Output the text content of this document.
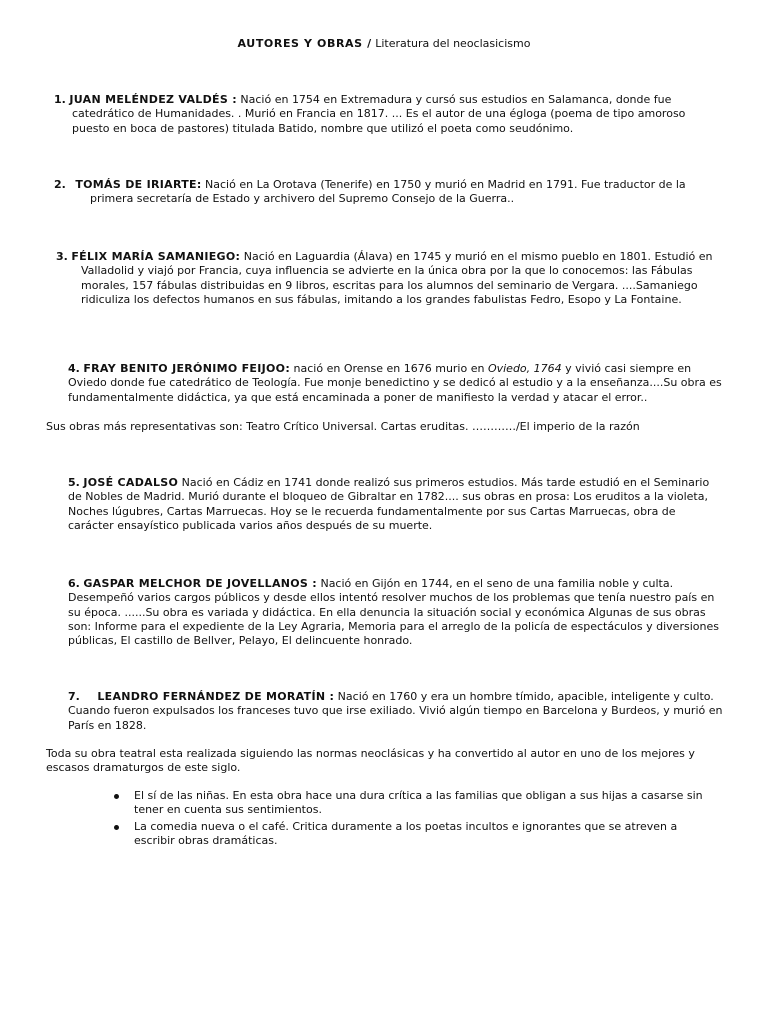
AUTORES Y OBRAS / Literatura del neoclasicismo

1. JUAN MELÉNDEZ VALDÉS : Nació en 1754 en Extremadura y cursó sus estudios en Salamanca, donde fue catedrático de Humanidades. . Murió en Francia en 1817. ... Es el autor de una égloga (poema de tipo amoroso puesto en boca de pastores) titulada Batido, nombre que utilizó el poeta como seudónimo.

2. TOMÁS DE IRIARTE: Nació en La Orotava (Tenerife) en 1750 y murió en Madrid en 1791. Fue traductor de la primera secretaría de Estado y archivero del Supremo Consejo de la Guerra..

3. FÉLIX MARÍA SAMANIEGO: Nació en Laguardia (Álava) en 1745 y murió en el mismo pueblo en 1801. Estudió en Valladolid y viajó por Francia, cuya influencia se advierte en la única obra por la que lo conocemos: las Fábulas morales, 157 fábulas distribuidas en 9 libros, escritas para los alumnos del seminario de Vergara. ....Samaniego ridiculiza los defectos humanos en sus fábulas, imitando a los grandes fabulistas Fedro, Esopo y La Fontaine.

4. FRAY BENITO JERÓNIMO FEIJOO: nació en Orense en 1676 murio en Oviedo, 1764 y vivió casi siempre en Oviedo donde fue catedrático de Teología. Fue monje benedictino y se dedicó al estudio y a la enseñanza....Su obra es fundamentalmente didáctica, ya que está encaminada a poner de manifiesto la verdad y atacar el error..

Sus obras más representativas son: Teatro Crítico Universal. Cartas eruditas. …………/El imperio de la razón

5. JOSÉ CADALSO Nació en Cádiz en 1741 donde realizó sus primeros estudios. Más tarde estudió en el Seminario de Nobles de Madrid. Murió durante el bloqueo de Gibraltar en 1782.... sus obras en prosa: Los eruditos a la violeta, Noches lúgubres, Cartas Marruecas. Hoy se le recuerda fundamentalmente por sus Cartas Marruecas, obra de carácter ensayístico publicada varios años después de su muerte.

6. GASPAR MELCHOR DE JOVELLANOS : Nació en Gijón en 1744, en el seno de una familia noble y culta. Desempeñó varios cargos públicos y desde ellos intentó resolver muchos de los problemas que tenía nuestro país en su época. ......Su obra es variada y didáctica. En ella denuncia la situación social y económica Algunas de sus obras son: Informe para el expediente de la Ley Agraria, Memoria para el arreglo de la policía de espectáculos y diversiones públicas, El castillo de Bellver, Pelayo, El delincuente honrado.

7. LEANDRO FERNÁNDEZ DE MORATÍN : Nació en 1760 y era un hombre tímido, apacible, inteligente y culto. Cuando fueron expulsados los franceses tuvo que irse exiliado. Vivió algún tiempo en Barcelona y Burdeos, y murió en París en 1828.

Toda su obra teatral esta realizada siguiendo las normas neoclásicas y ha convertido al autor en uno de los mejores y escasos dramaturgos de este siglo.
El sí de las niñas. En esta obra hace una dura crítica a las familias que obligan a sus hijas a casarse sin tener en cuenta sus sentimientos.
La comedia nueva o el café. Critica duramente a los poetas incultos e ignorantes que se atreven a escribir obras dramáticas.
